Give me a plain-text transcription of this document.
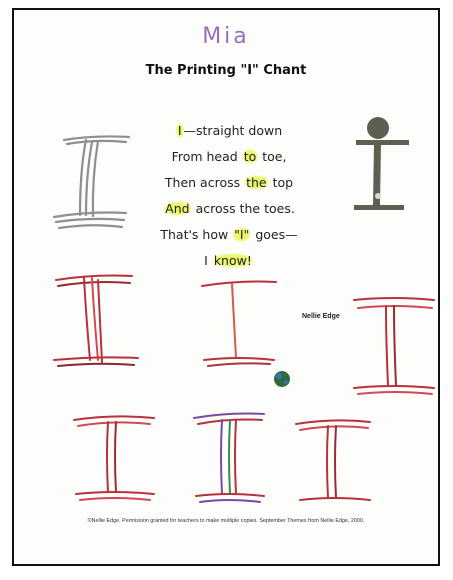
Mia
The Printing "I" Chant
I —straight down
From head to toe,
Then across the top
And across the toes.
That's how "I" goes—
I know!
Nellie Edge
©Nellie Edge. Permission granted for teachers to make multiple copies. September Themes from Nellie Edge, 2000.
